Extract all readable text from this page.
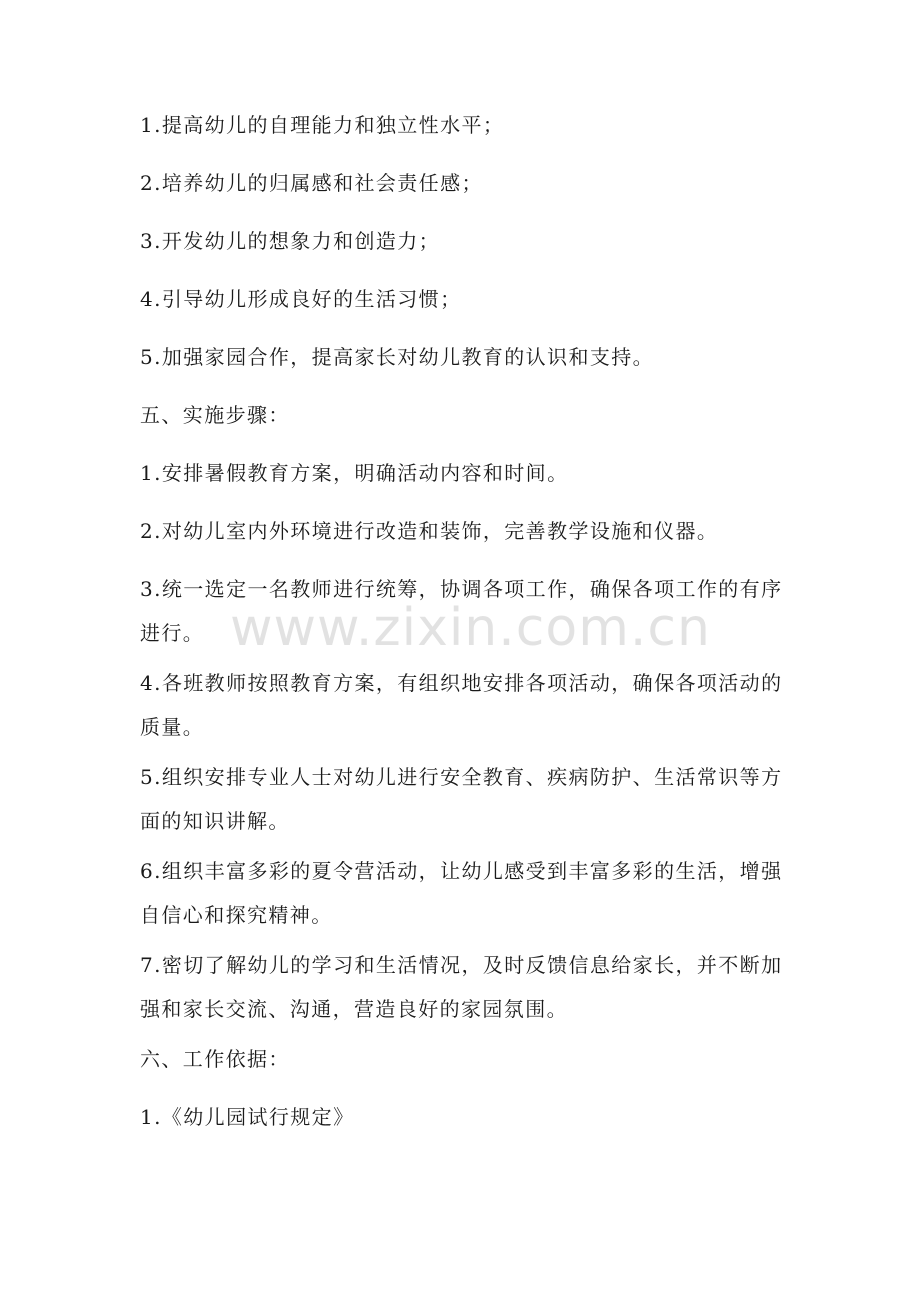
1.提高幼儿的自理能力和独立性水平；

2.培养幼儿的归属感和社会责任感；

3.开发幼儿的想象力和创造力；

4.引导幼儿形成良好的生活习惯；

5.加强家园合作，提高家长对幼儿教育的认识和支持。

五、实施步骤：

1.安排暑假教育方案，明确活动内容和时间。

2.对幼儿室内外环境进行改造和装饰，完善教学设施和仪器。

3.统一选定一名教师进行统筹，协调各项工作，确保各项工作的有序进行。

4.各班教师按照教育方案，有组织地安排各项活动，确保各项活动的质量。

5.组织安排专业人士对幼儿进行安全教育、疾病防护、生活常识等方面的知识讲解。

6.组织丰富多彩的夏令营活动，让幼儿感受到丰富多彩的生活，增强自信心和探究精神。

7.密切了解幼儿的学习和生活情况，及时反馈信息给家长，并不断加强和家长交流、沟通，营造良好的家园氛围。

六、工作依据：

1.《幼儿园试行规定》

www.zixin.com.cn
